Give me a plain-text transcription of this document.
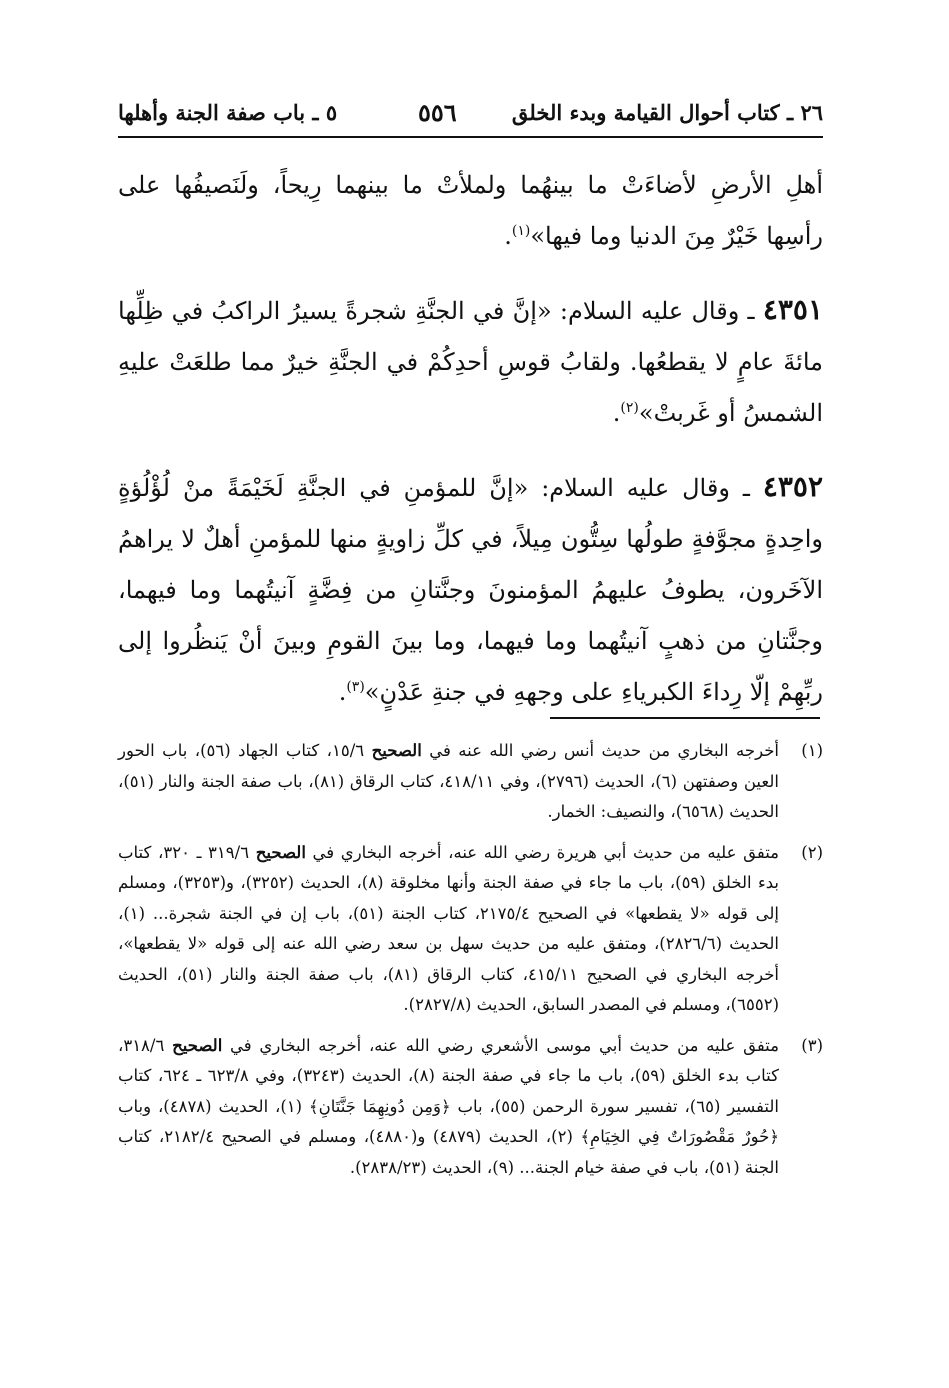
٢٦ ـ كتاب أحوال القيامة وبدء الخلق
٥٥٦
٥ ـ باب صفة الجنة وأهلها

أهلِ الأرضِ لأضاءَتْ ما بينهُما ولملأتْ ما بينهما رِيحاً، ولَنَصيفُها على رأسِها خَيْرٌ مِنَ الدنيا وما فيها»$^{(١)}$.

٤٣٥١ ـ وقال عليه السلام: «إنَّ في الجنَّةِ شجرةً يسيرُ الراكبُ في ظِلِّها مائةَ عامٍ لا يقطعُها. ولقابُ قوسِ أحدِكُمْ في الجنَّةِ خيرٌ مما طلعَتْ عليهِ الشمسُ أو غَربتْ»$^{(٢)}$.

٤٣٥٢ ـ وقال عليه السلام: «إنَّ للمؤمنِ في الجنَّةِ لَخَيْمَةً منْ لُؤْلُؤةٍ واحِدةٍ مجوَّفةٍ طولُها سِتُّون مِيلاً، في كلِّ زاويةٍ منها للمؤمنِ أهلٌ لا يراهمُ الآخَرون، يطوفُ عليهمُ المؤمنونَ وجنَّتانِ من فِضَّةٍ آنيتُهما وما فيهما، وجنَّتانِ من ذهبٍ آنيتُهما وما فيهما، وما بينَ القومِ وبينَ أنْ يَنظُروا إلى ربِّهِمْ إلّا رِداءَ الكبرياءِ على وجههِ في جنةِ عَدْنٍ»$^{(٣)}$.

(١)
أخرجه البخاري من حديث أنس رضي الله عنه في الصحيح ١٥/٦، كتاب الجهاد (٥٦)، باب الحور العين وصفتهن (٦)، الحديث (٢٧٩٦)، وفي ٤١٨/١١، كتاب الرقاق (٨١)، باب صفة الجنة والنار (٥١)، الحديث (٦٥٦٨)، والنصيف: الخمار.
(٢)
متفق عليه من حديث أبي هريرة رضي الله عنه، أخرجه البخاري في الصحيح ٣١٩/٦ ـ ٣٢٠، كتاب بدء الخلق (٥٩)، باب ما جاء في صفة الجنة وأنها مخلوقة (٨)، الحديث (٣٢٥٢)، و(٣٢٥٣)، ومسلم إلى قوله «لا يقطعها» في الصحيح ٢١٧٥/٤، كتاب الجنة (٥١)، باب إن في الجنة شجرة... (١)، الحديث (٢٨٢٦/٦)، ومتفق عليه من حديث سهل بن سعد رضي الله عنه إلى قوله «لا يقطعها»، أخرجه البخاري في الصحيح ٤١٥/١١، كتاب الرقاق (٨١)، باب صفة الجنة والنار (٥١)، الحديث (٦٥٥٢)، ومسلم في المصدر السابق، الحديث (٢٨٢٧/٨).
(٣)
متفق عليه من حديث أبي موسى الأشعري رضي الله عنه، أخرجه البخاري في الصحيح ٣١٨/٦، كتاب بدء الخلق (٥٩)، باب ما جاء في صفة الجنة (٨)، الحديث (٣٢٤٣)، وفي ٦٢٣/٨ ـ ٦٢٤، كتاب التفسير (٦٥)، تفسير سورة الرحمن (٥٥)، باب ﴿وَمِن دُونِهِمَا جَنَّتَانِ﴾ (١)، الحديث (٤٨٧٨)، وباب ﴿حُورٌ مَقْصُورَاتٌ فِي الخِيَامِ﴾ (٢)، الحديث (٤٨٧٩) و(٤٨٨٠)، ومسلم في الصحيح ٢١٨٢/٤، كتاب الجنة (٥١)، باب في صفة خيام الجنة... (٩)، الحديث (٢٨٣٨/٢٣).
